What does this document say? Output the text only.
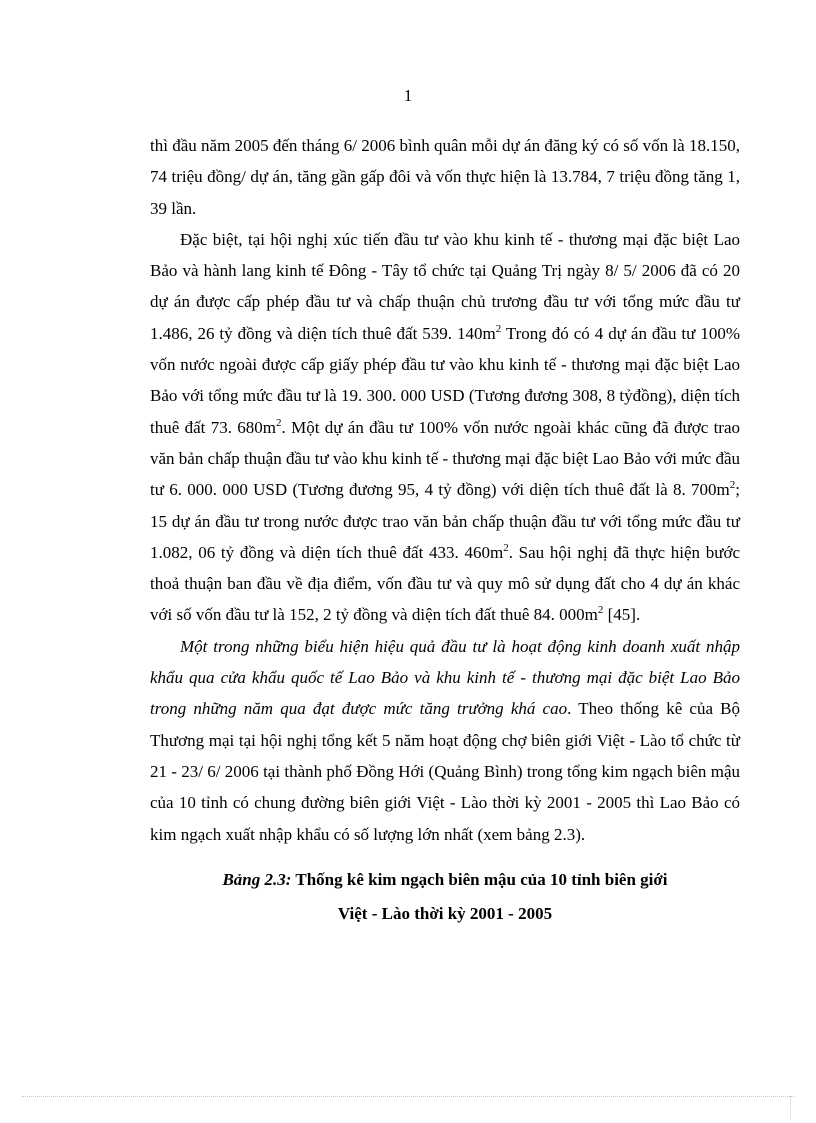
1

thì đầu năm 2005 đến tháng 6/ 2006 bình quân mỗi dự án đăng ký có số vốn là 18.150, 74 triệu đồng/ dự án, tăng gần gấp đôi và vốn thực hiện là 13.784, 7 triệu đồng tăng 1, 39 lần.

Đặc biệt, tại hội nghị xúc tiến đầu tư vào khu kinh tế - thương mại đặc biệt Lao Bảo và hành lang kinh tế Đông - Tây tổ chức tại Quảng Trị ngày 8/ 5/ 2006 đã có 20 dự án được cấp phép đầu tư và chấp thuận chủ trương đầu tư với tổng mức đầu tư 1.486, 26 tỷ đồng và diện tích thuê đất 539. $140m^2$ Trong đó có 4 dự án đầu tư 100% vốn nước ngoài được cấp giấy phép đầu tư vào khu kinh tế - thương mại đặc biệt Lao Bảo với tổng mức đầu tư là 19. 300. 000 USD (Tương đương 308, 8 tỷđồng), diện tích thuê đất 73. $680m^2$. Một dự án đầu tư 100% vốn nước ngoài khác cũng đã được trao văn bản chấp thuận đầu tư vào khu kinh tế - thương mại đặc biệt Lao Bảo với mức đầu tư 6. 000. 000 USD (Tương đương 95, 4 tỷ đồng) với diện tích thuê đất là 8. $700m^2$; 15 dự án đầu tư trong nước được trao văn bản chấp thuận đầu tư với tổng mức đầu tư 1.082, 06 tỷ đồng và diện tích thuê đất 433. $460m^2$. Sau hội nghị đã thực hiện bước thoả thuận ban đầu về địa điểm, vốn đầu tư và quy mô sử dụng đất cho 4 dự án khác với số vốn đầu tư là 152, 2 tỷ đồng và diện tích đất thuê 84. $000m^2$ [45].

Một trong những biểu hiện hiệu quả đầu tư là hoạt động kinh doanh xuất nhập khẩu qua cửa khẩu quốc tế Lao Bảo và khu kinh tế - thương mại đặc biệt Lao Bảo trong những năm qua đạt được mức tăng trưởng khá cao. Theo thống kê của Bộ Thương mại tại hội nghị tổng kết 5 năm hoạt động chợ biên giới Việt - Lào tổ chức từ 21 - 23/ 6/ 2006 tại thành phố Đồng Hới (Quảng Bình) trong tổng kim ngạch biên mậu của 10 tỉnh có chung đường biên giới Việt - Lào thời kỳ 2001 - 2005 thì Lao Bảo có kim ngạch xuất nhập khẩu có số lượng lớn nhất (xem bảng 2.3).

Bảng 2.3: Thống kê kim ngạch biên mậu của 10 tỉnh biên giới
Việt - Lào thời kỳ 2001 - 2005
